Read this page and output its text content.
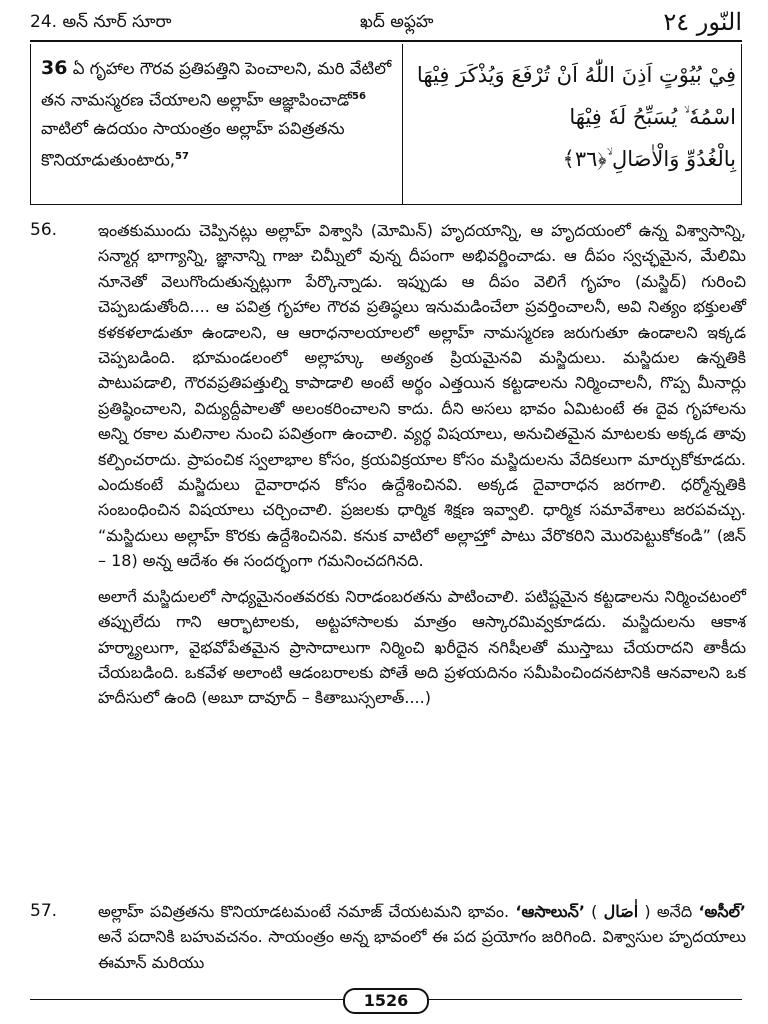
24. అన్ నూర్ సూరా	ఖద్ అఫ్లహ	النّور ٢٤
36 ఏ గృహాల గౌరవ ప్రతిపత్తిని పెంచాలని, మరి వేటిలో తన నామస్మరణ చేయాలని అల్లాహ్ ఆజ్ఞాపించాడో$^{56}$ వాటిలో ఉదయం సాయంత్రం అల్లాహ్ పవిత్రతను కొనియాడుతుంటారు,$^{57}$
فِيْ بُيُوْتٍ اَذِنَ اللّٰهُ اَنْ تُرْفَعَ وَيُذْكَرَ فِيْهَا اسْمُهٗ ۙ يُسَبِّحُ لَهٗ فِيْهَا
بِالْغُدُوِّ وَالْاٰصَالِ ۙ﴿٣٦﴾
56.	ఇంతకుముందు చెప్పినట్లు అల్లాహ్ విశ్వాసి (మోమిన్) హృదయాన్ని, ఆ హృదయంలో ఉన్న విశ్వాసాన్ని, సన్మార్గ భాగ్యాన్ని, జ్ఞానాన్ని గాజు చిమ్నీలో వున్న దీపంగా అభివర్ణించాడు. ఆ దీపం స్వచ్ఛమైన, మేలిమి నూనెతో వెలుగొందుతున్నట్లుగా పేర్కొన్నాడు. ఇప్పుడు ఆ దీపం వెలిగే గృహం (మస్జిద్) గురించి చెప్పబడుతోంది.... ఆ పవిత్ర గృహాల గౌరవ ప్రతిష్ఠలు ఇనుమడించేలా ప్రవర్తించాలనీ, అవి నిత్యం భక్తులతో కళకళలాడుతూ ఉండాలని, ఆ ఆరాధనాలయాలలో అల్లాహ్ నామస్మరణ జరుగుతూ ఉండాలని ఇక్కడ చెప్పబడింది. భూమండలంలో అల్లాహ్కు అత్యంత ప్రియమైనవి మస్జిదులు. మస్జిదుల ఉన్నతికి పాటుపడాలి, గౌరవప్రతిపత్తుల్ని కాపాడాలి అంటే అర్థం ఎత్తయిన కట్టడాలను నిర్మించాలనీ, గొప్ప మీనార్లు ప్రతిష్ఠించాలని, విద్యుద్దీపాలతో అలంకరించాలని కాదు. దీని అసలు భావం ఏమిటంటే ఈ దైవ గృహాలను అన్ని రకాల మలినాల నుంచి పవిత్రంగా ఉంచాలి. వ్యర్థ విషయాలు, అనుచితమైన మాటలకు అక్కడ తావు కల్పించరాదు. ప్రాపంచిక స్వలాభాల కోసం, క్రయవిక్రయాల కోసం మస్జిదులను వేదికలుగా మార్చుకోకూడదు. ఎందుకంటే మస్జిదులు దైవారాధన కోసం ఉద్దేశించినవి. అక్కడ దైవారాధన జరగాలి. ధర్మోన్నతికి సంబంధించిన విషయాలు చర్చించాలి. ప్రజలకు ధార్మిక శిక్షణ ఇవ్వాలి. ధార్మిక సమావేశాలు జరపవచ్చు. “మస్జిదులు అల్లాహ్ కొరకు ఉద్దేశించినవి. కనుక వాటిలో అల్లాహ్తో పాటు వేరొకరిని మొరపెట్టుకోకండి” (జిన్ – 18) అన్న ఆదేశం ఈ సందర్భంగా గమనించదగినది.

అలాగే మస్జిదులలో సాధ్యమైనంతవరకు నిరాడంబరతను పాటించాలి. పటిష్టమైన కట్టడాలను నిర్మించటంలో తప్పులేదు గాని ఆర్భాటాలకు, అట్టహాసాలకు మాత్రం ఆస్కారమివ్వకూడదు. మస్జిదులను ఆకాశ హర్మ్యాలుగా, వైభవోపేతమైన ప్రాసాదాలుగా నిర్మించి ఖరీదైన నగిషీలతో ముస్తాబు చేయరాదని తాకీదు చేయబడింది. ఒకవేళ అలాంటి ఆడంబరాలకు పోతే అది ప్రళయదినం సమీపించిందనటానికి ఆనవాలని ఒక హదీసులో ఉంది (అబూ దావూద్ – కితాబుస్సలాత్....)

57.	అల్లాహ్ పవిత్రతను కొనియాడటమంటే నమాజ్ చేయటమని భావం. ‘ఆసాలున్’ ( اٰصَال ) అనేది ‘అసీల్’ అనే పదానికి బహువచనం. సాయంత్రం అన్న భావంలో ఈ పద ప్రయోగం జరిగింది. విశ్వాసుల హృదయాలు ఈమాన్ మరియు
1526
